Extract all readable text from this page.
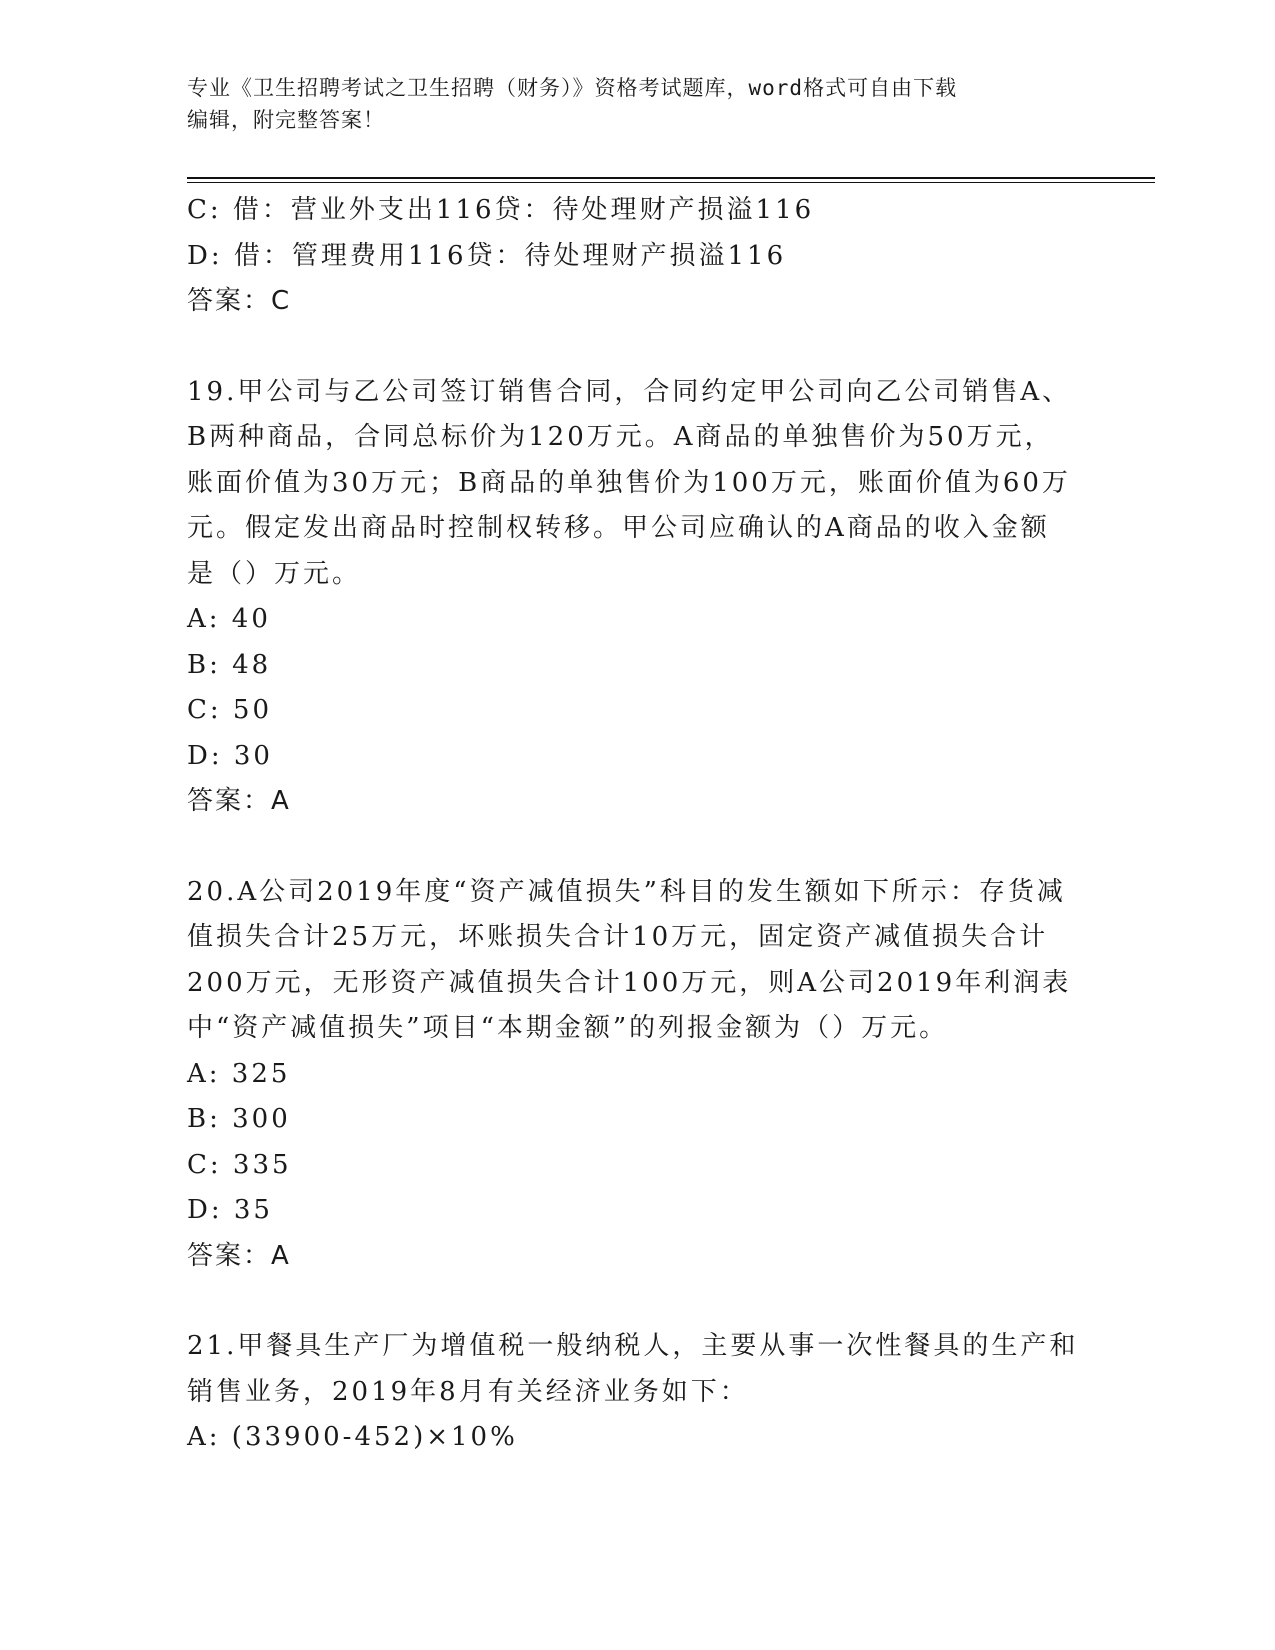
专业《卫生招聘考试之卫生招聘（财务）》资格考试题库，word格式可自由下载
编辑，附完整答案！
C: 借：营业外支出116贷：待处理财产损溢116
D: 借：管理费用116贷：待处理财产损溢116
答案：C
19.甲公司与乙公司签订销售合同，合同约定甲公司向乙公司销售A、
B两种商品，合同总标价为120万元。A商品的单独售价为50万元，
账面价值为30万元；B商品的单独售价为100万元，账面价值为60万
元。假定发出商品时控制权转移。甲公司应确认的A商品的收入金额
是（）万元。
A: 40
B: 48
C: 50
D: 30
答案：A
20.A公司2019年度“资产减值损失”科目的发生额如下所示：存货减
值损失合计25万元，坏账损失合计10万元，固定资产减值损失合计
200万元，无形资产减值损失合计100万元，则A公司2019年利润表
中“资产减值损失”项目“本期金额”的列报金额为（）万元。
A: 325
B: 300
C: 335
D: 35
答案：A
21.甲餐具生产厂为增值税一般纳税人，主要从事一次性餐具的生产和
销售业务，2019年8月有关经济业务如下：
A: (33900-452)×10%
